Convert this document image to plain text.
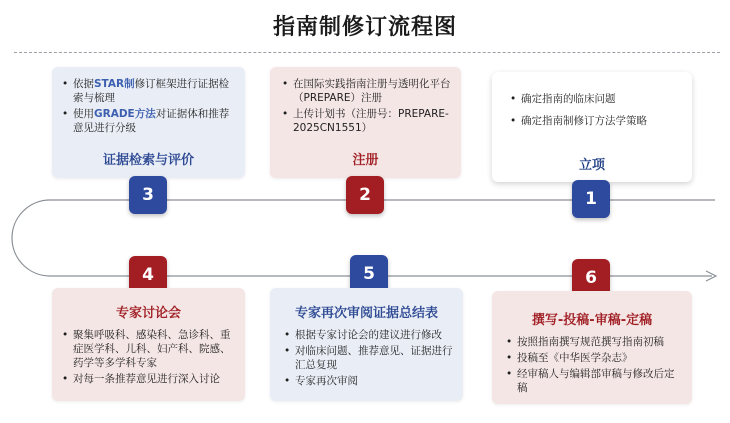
指南制修订流程图
• 依据STAR制修订框架进行证据检索与梳理
• 使用GRADE方法对证据体和推荐意见进行分级
证据检索与评价
• 在国际实践指南注册与透明化平台（PREPARE）注册
• 上传计划书（注册号：PREPARE-2025CN1551）
注册
• 确定指南的临床问题
• 确定指南制修订方法学策略
立项
3	2	1
4	5	6
专家讨论会
• 聚集呼吸科、感染科、急诊科、重症医学科、儿科、妇产科、院感、药学等多学科专家
• 对每一条推荐意见进行深入讨论
专家再次审阅证据总结表
• 根据专家讨论会的建议进行修改
• 对临床问题、推荐意见、证据进行汇总复现
• 专家再次审阅
撰写-投稿-审稿-定稿
• 按照指南撰写规范撰写指南初稿
• 投稿至《中华医学杂志》
• 经审稿人与编辑部审稿与修改后定稿
